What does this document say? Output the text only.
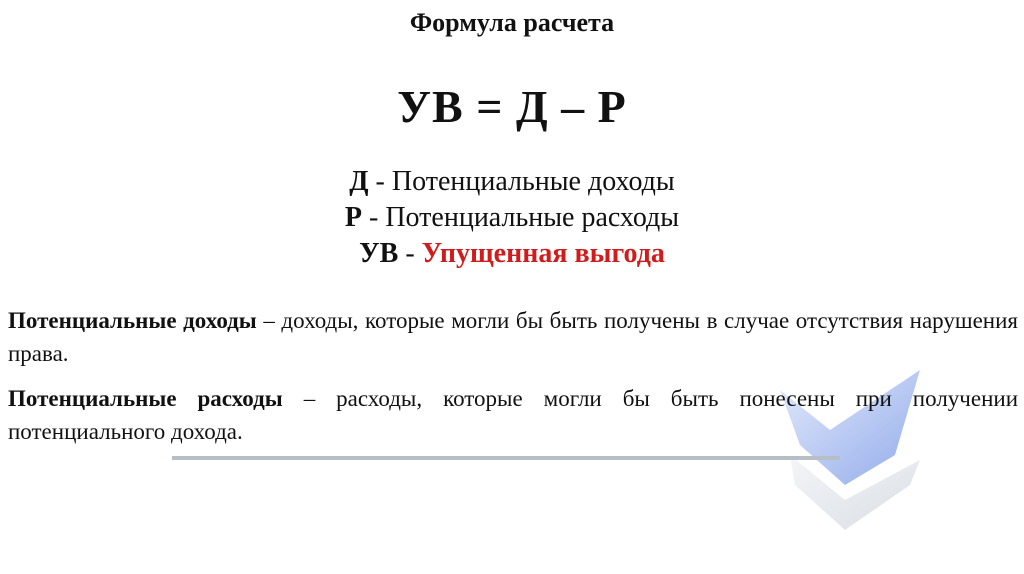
Формула расчета
УВ = Д – Р
Д - Потенциальные доходы
Р - Потенциальные расходы
УВ - Упущенная выгода
Потенциальные доходы – доходы, которые могли бы быть получены в случае отсутствия нарушения права.
Потенциальные расходы – расходы, которые могли бы быть понесены при получении потенциального дохода.
